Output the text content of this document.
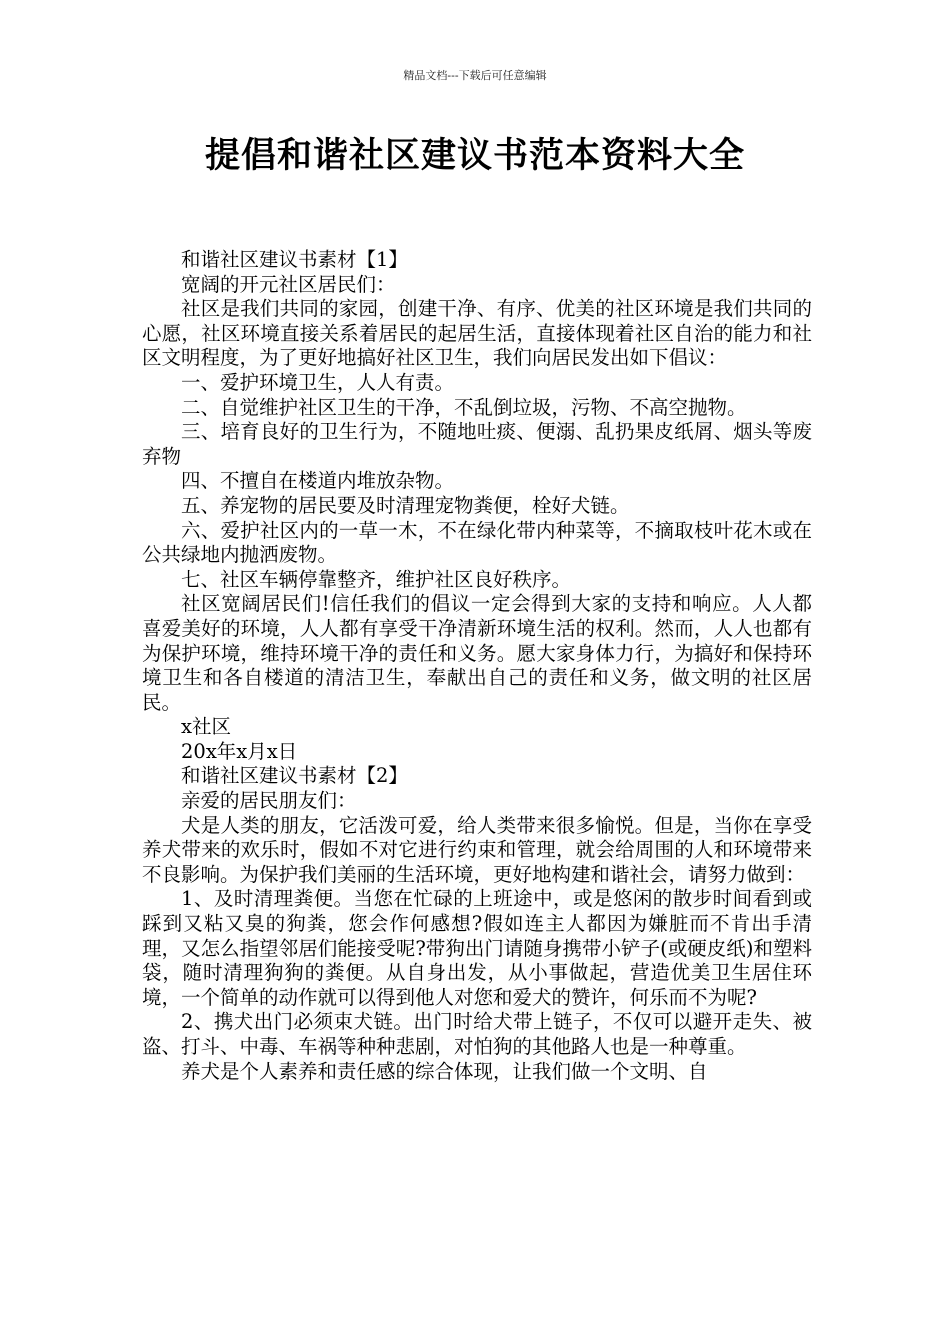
精品文档---下载后可任意编辑
提倡和谐社区建议书范本资料大全

和谐社区建议书素材【1】

宽阔的开元社区居民们：

社区是我们共同的家园，创建干净、有序、优美的社区环境是我们共同的心愿，社区环境直接关系着居民的起居生活，直接体现着社区自治的能力和社区文明程度，为了更好地搞好社区卫生，我们向居民发出如下倡议：

一、爱护环境卫生，人人有责。

二、自觉维护社区卫生的干净，不乱倒垃圾，污物、不高空抛物。

三、培育良好的卫生行为，不随地吐痰、便溺、乱扔果皮纸屑、烟头等废弃物

四、不擅自在楼道内堆放杂物。

五、养宠物的居民要及时清理宠物粪便，栓好犬链。

六、爱护社区内的一草一木，不在绿化带内种菜等，不摘取枝叶花木或在公共绿地内抛洒废物。

七、社区车辆停靠整齐，维护社区良好秩序。

社区宽阔居民们!信任我们的倡议一定会得到大家的支持和响应。人人都喜爱美好的环境，人人都有享受干净清新环境生活的权利。然而，人人也都有为保护环境，维持环境干净的责任和义务。愿大家身体力行，为搞好和保持环境卫生和各自楼道的清洁卫生，奉献出自己的责任和义务，做文明的社区居民。

x社区

20x年x月x日

和谐社区建议书素材【2】

亲爱的居民朋友们：

犬是人类的朋友，它活泼可爱，给人类带来很多愉悦。但是，当你在享受养犬带来的欢乐时，假如不对它进行约束和管理，就会给周围的人和环境带来不良影响。为保护我们美丽的生活环境，更好地构建和谐社会，请努力做到：

1、及时清理粪便。当您在忙碌的上班途中，或是悠闲的散步时间看到或踩到又粘又臭的狗粪，您会作何感想?假如连主人都因为嫌脏而不肯出手清理，又怎么指望邻居们能接受呢?带狗出门请随身携带小铲子(或硬皮纸)和塑料袋，随时清理狗狗的粪便。从自身出发，从小事做起，营造优美卫生居住环境，一个简单的动作就可以得到他人对您和爱犬的赞许，何乐而不为呢?

2、携犬出门必须束犬链。出门时给犬带上链子，不仅可以避开走失、被盗、打斗、中毒、车祸等种种悲剧，对怕狗的其他路人也是一种尊重。

养犬是个人素养和责任感的综合体现，让我们做一个文明、自
